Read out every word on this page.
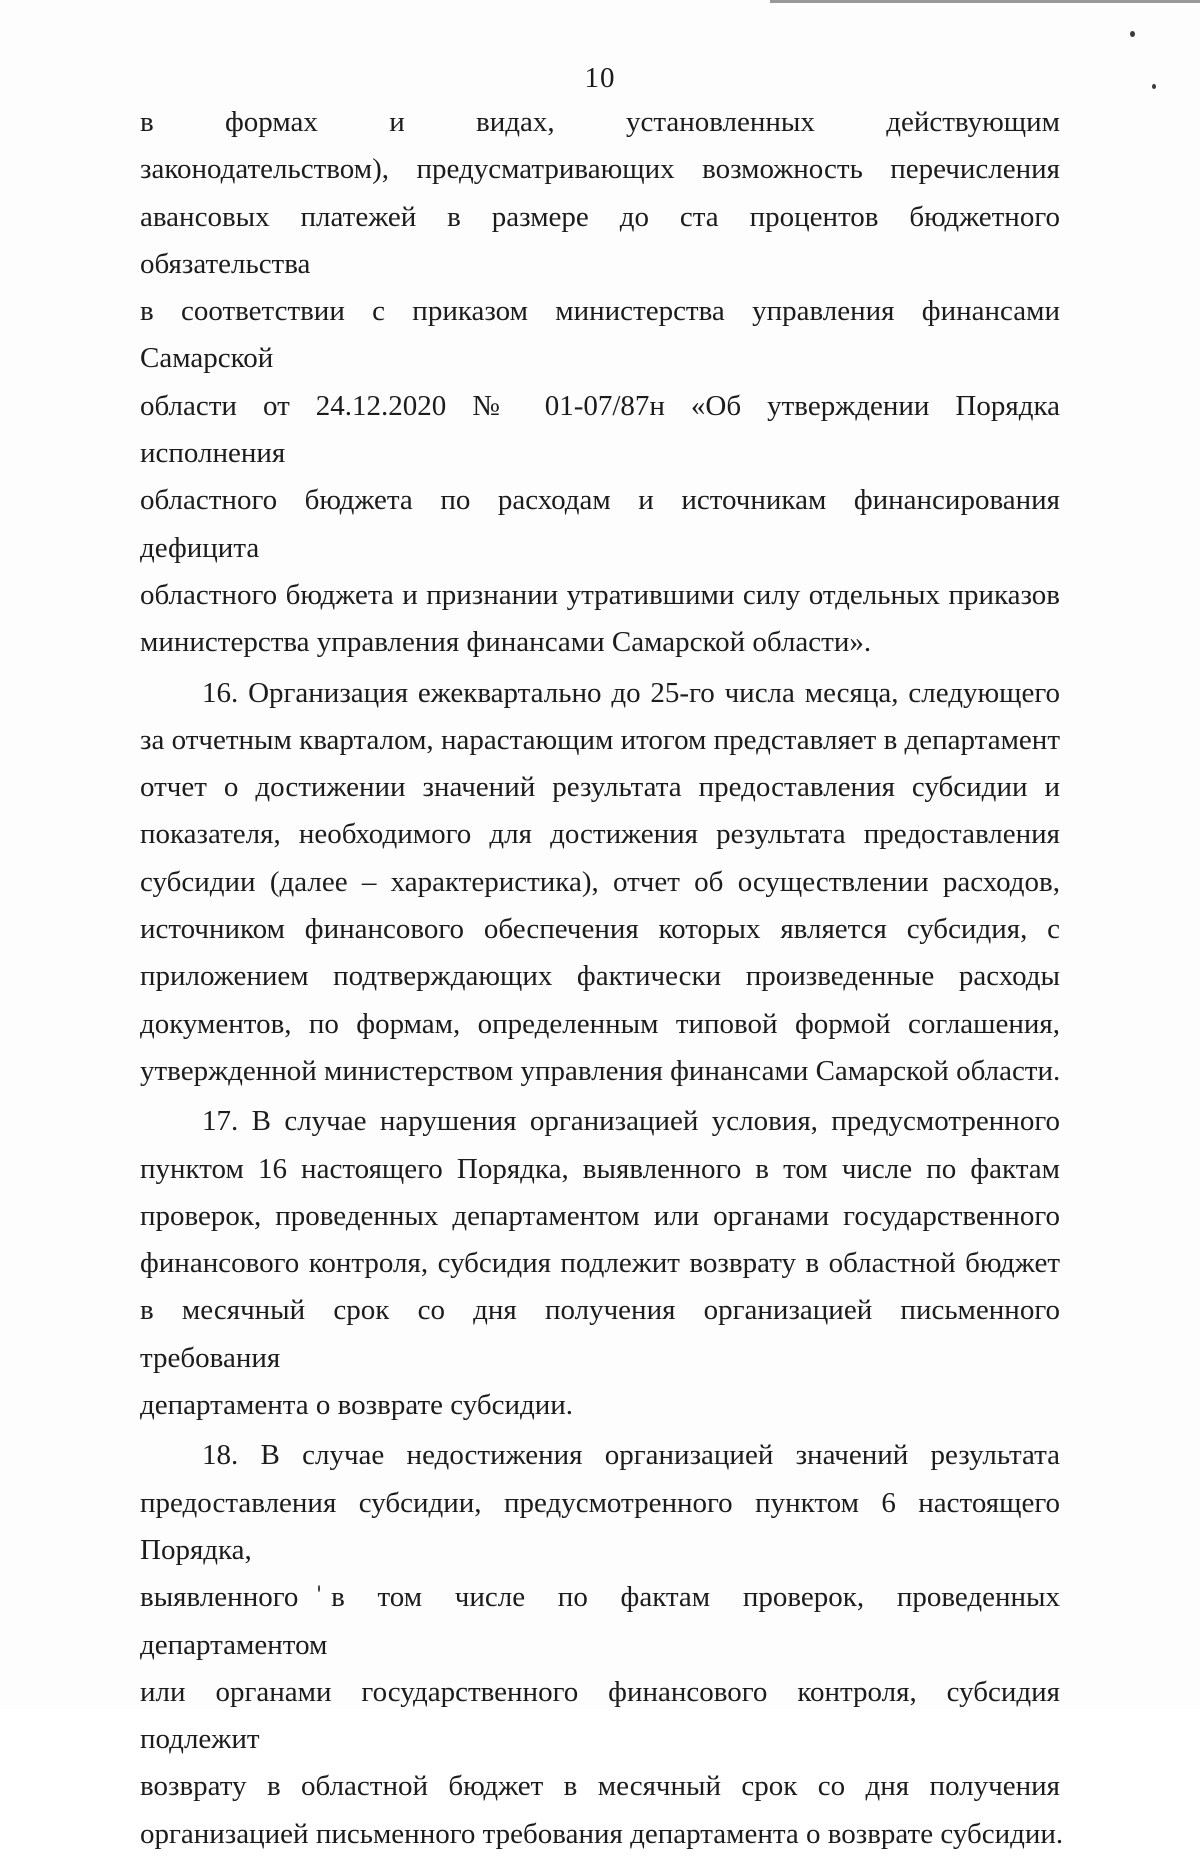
10
в формах и видах, установленных действующим
законодательством), предусматривающих возможность перечисления
авансовых платежей в размере до ста процентов бюджетного обязательства
в соответствии с приказом министерства управления финансами Самарской
области от 24.12.2020 № 01-07/87н «Об утверждении Порядка исполнения
областного бюджета по расходам и источникам финансирования дефицита
областного бюджета и признании утратившими силу отдельных приказов
министерства управления финансами Самарской области».
16. Организация ежеквартально до 25-го числа месяца, следующего
за отчетным кварталом, нарастающим итогом представляет в департамент
отчет о достижении значений результата предоставления субсидии и
показателя, необходимого для достижения результата предоставления
субсидии (далее – характеристика), отчет об осуществлении расходов,
источником финансового обеспечения которых является субсидия, с
приложением подтверждающих фактически произведенные расходы
документов, по формам, определенным типовой формой соглашения,
утвержденной министерством управления финансами Самарской области.
17. В случае нарушения организацией условия, предусмотренного
пунктом 16 настоящего Порядка, выявленного в том числе по фактам
проверок, проведенных департаментом или органами государственного
финансового контроля, субсидия подлежит возврату в областной бюджет
в месячный срок со дня получения организацией письменного требования
департамента о возврате субсидии.
18. В случае недостижения организацией значений результата
предоставления субсидии, предусмотренного пунктом 6 настоящего Порядка,
выявленного в том числе по фактам проверок, проведенных департаментом
или органами государственного финансового контроля, субсидия подлежит
возврату в областной бюджет в месячный срок со дня получения
организацией письменного требования департамента о возврате субсидии.
